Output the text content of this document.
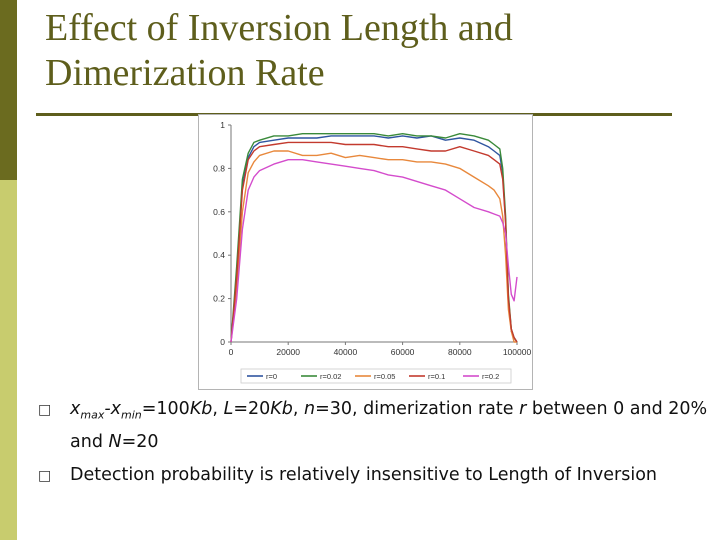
Effect of Inversion Length and
Dimerization Rate
0
0.2
0.4
0.6
0.8
1
0	20000	40000	60000	80000	100000
r=0	r=0.02	r=0.05	r=0.1	r=0.2
□ $x_{max}-x_{min}=100Kb$, L=20Kb, n=30, dimerization rate r between 0 and 20% and N=20
□ Detection probability is relatively insensitive to Length of Inversion
